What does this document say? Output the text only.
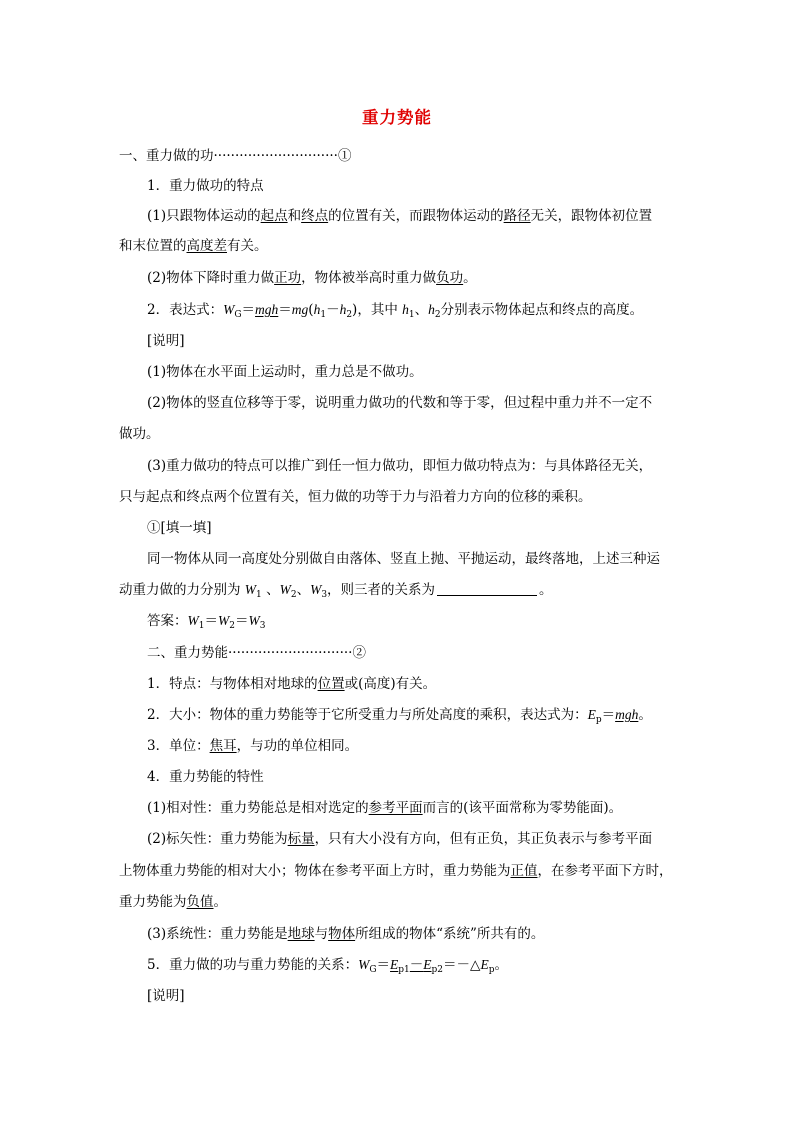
重力势能
一、重力做的功·····························①
1．重力做功的特点
(1)只跟物体运动的起点和终点的位置有关，而跟物体运动的路径无关，跟物体初位置
和末位置的高度差有关。
(2)物体下降时重力做正功，物体被举高时重力做负功。
2．表达式：$W_G=mgh=mg(h_1-h_2)$，其中 $h_1$、$h_2$分别表示物体起点和终点的高度。
[说明]
(1)物体在水平面上运动时，重力总是不做功。
(2)物体的竖直位移等于零，说明重力做功的代数和等于零，但过程中重力并不一定不
做功。
(3)重力做功的特点可以推广到任一恒力做功，即恒力做功特点为：与具体路径无关，
只与起点和终点两个位置有关，恒力做的功等于力与沿着力方向的位移的乘积。
①[填一填]
同一物体从同一高度处分别做自由落体、竖直上抛、平抛运动，最终落地，上述三种运
动重力做的力分别为 $W_1$ 、$W_2$、$W_3$，则三者的关系为	。
答案：$W_1=W_2=W_3$
二、重力势能·····························②
1．特点：与物体相对地球的位置或(高度)有关。
2．大小：物体的重力势能等于它所受重力与所处高度的乘积，表达式为：$E_p=mgh$。
3．单位：焦耳，与功的单位相同。
4．重力势能的特性
(1)相对性：重力势能总是相对选定的参考平面而言的(该平面常称为零势能面)。
(2)标矢性：重力势能为标量，只有大小没有方向，但有正负，其正负表示与参考平面
上物体重力势能的相对大小；物体在参考平面上方时，重力势能为正值，在参考平面下方时，
重力势能为负值。
(3)系统性：重力势能是地球与物体所组成的物体“系统”所共有的。
5．重力做的功与重力势能的关系：$W_G=E_{p1}-E_{p2}=-\triangle E_p$。
[说明]
